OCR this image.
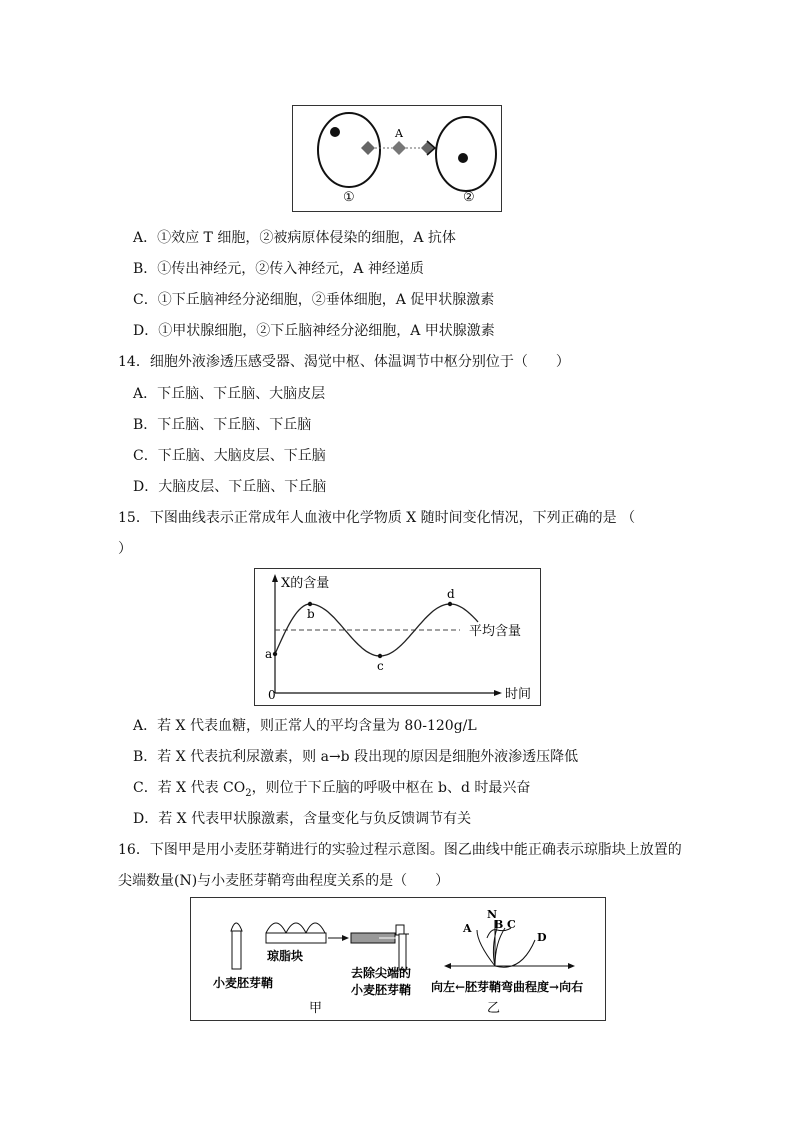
A
①	②
A．①效应 T 细胞，②被病原体侵染的细胞，A 抗体
B．①传出神经元，②传入神经元，A 神经递质
C．①下丘脑神经分泌细胞，②垂体细胞，A 促甲状腺激素
D．①甲状腺细胞，②下丘脑神经分泌细胞，A 甲状腺激素
14．细胞外液渗透压感受器、渴觉中枢、体温调节中枢分别位于（　　）
A．下丘脑、下丘脑、大脑皮层
B．下丘脑、下丘脑、下丘脑
C．下丘脑、大脑皮层、下丘脑
D．大脑皮层、下丘脑、下丘脑
15．下图曲线表示正常成年人血液中化学物质 X 随时间变化情况，下列正确的是 （
）
a
b
c
d
X的含量
时间
0
平均含量
A．若 X 代表血糖，则正常人的平均含量为 80-120g/L
B．若 X 代表抗利尿激素，则 a→b 段出现的原因是细胞外液渗透压降低
C．若 X 代表 $CO_2$，则位于下丘脑的呼吸中枢在 b、d 时最兴奋
D．若 X 代表甲状腺激素，含量变化与负反馈调节有关
16．下图甲是用小麦胚芽鞘进行的实验过程示意图。图乙曲线中能正确表示琼脂块上放置的
尖端数量(N)与小麦胚芽鞘弯曲程度关系的是（　　）
琼脂块
小麦胚芽鞘
去除尖端的
小麦胚芽鞘
甲
N
A B C
D
向左←胚芽鞘弯曲程度→向右
乙
